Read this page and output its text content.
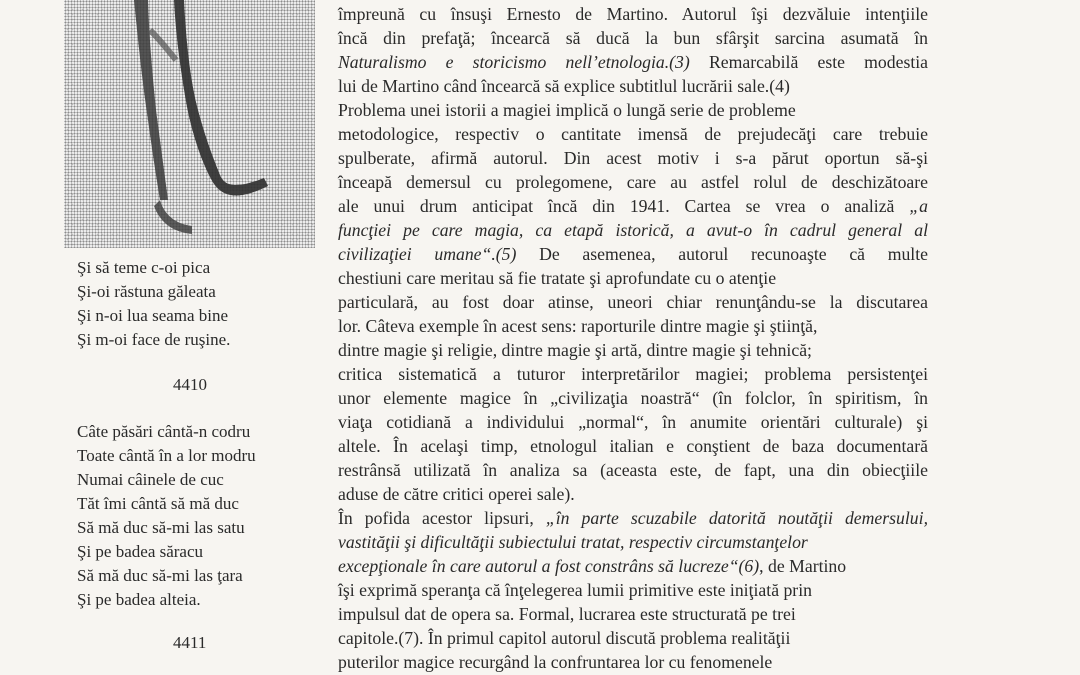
Şi să teme c-oi pica
Şi-oi răstuna găleata
Şi n-oi lua seama bine
Şi m-oi face de ruşine.
4410
Câte păsări cântă-n codru
Toate cântă în a lor modru
Numai câinele de cuc
Tăt îmi cântă să mă duc
Să mă duc să-mi las satu
Şi pe badea săracu
Să mă duc să-mi las ţara
Şi pe badea alteia.
4411
împreună cu însuşi Ernesto de Martino. Autorul îşi dezvăluie intenţiile
încă din prefaţă; încearcă să ducă la bun sfârşit sarcina asumată în
Naturalismo e storicismo nell’etnologia.(3) Remarcabilă este modestia
lui de Martino când încearcă să explice subtitlul lucrării sale.(4)
Problema unei istorii a magiei implică o lungă serie de probleme
metodologice, respectiv o cantitate imensă de prejudecăţi care trebuie
spulberate, afirmă autorul. Din acest motiv i s-a părut oportun să-şi
înceapă demersul cu prolegomene, care au astfel rolul de deschizătoare
ale unui drum anticipat încă din 1941. Cartea se vrea o analiză „a
funcţiei pe care magia, ca etapă istorică, a avut-o în cadrul general al
civilizaţiei umane“.(5) De asemenea, autorul recunoaşte că multe
chestiuni care meritau să fie tratate şi aprofundate cu o atenţie
particulară, au fost doar atinse, uneori chiar renunţându-se la discutarea
lor. Câteva exemple în acest sens: raporturile dintre magie şi ştiinţă,
dintre magie şi religie, dintre magie şi artă, dintre magie şi tehnică;
critica sistematică a tuturor interpretărilor magiei; problema persistenţei
unor elemente magice în „civilizaţia noastră“ (în folclor, în spiritism, în
viaţa cotidiană a individului „normal“, în anumite orientări culturale) şi
altele. În acelaşi timp, etnologul italian e conştient de baza documentară
restrânsă utilizată în analiza sa (aceasta este, de fapt, una din obiecţiile
aduse de către critici operei sale).
În pofida acestor lipsuri, „în parte scuzabile datorită noutăţii demersului,
vastităţii şi dificultăţii subiectului tratat, respectiv circumstanţelor
excepţionale în care autorul a fost constrâns să lucreze“(6), de Martino
îşi exprimă speranţa că înţelegerea lumii primitive este iniţiată prin
impulsul dat de opera sa. Formal, lucrarea este structurată pe trei
capitole.(7). În primul capitol autorul discută problema realităţii
puterilor magice recurgând la confruntarea lor cu fenomenele
